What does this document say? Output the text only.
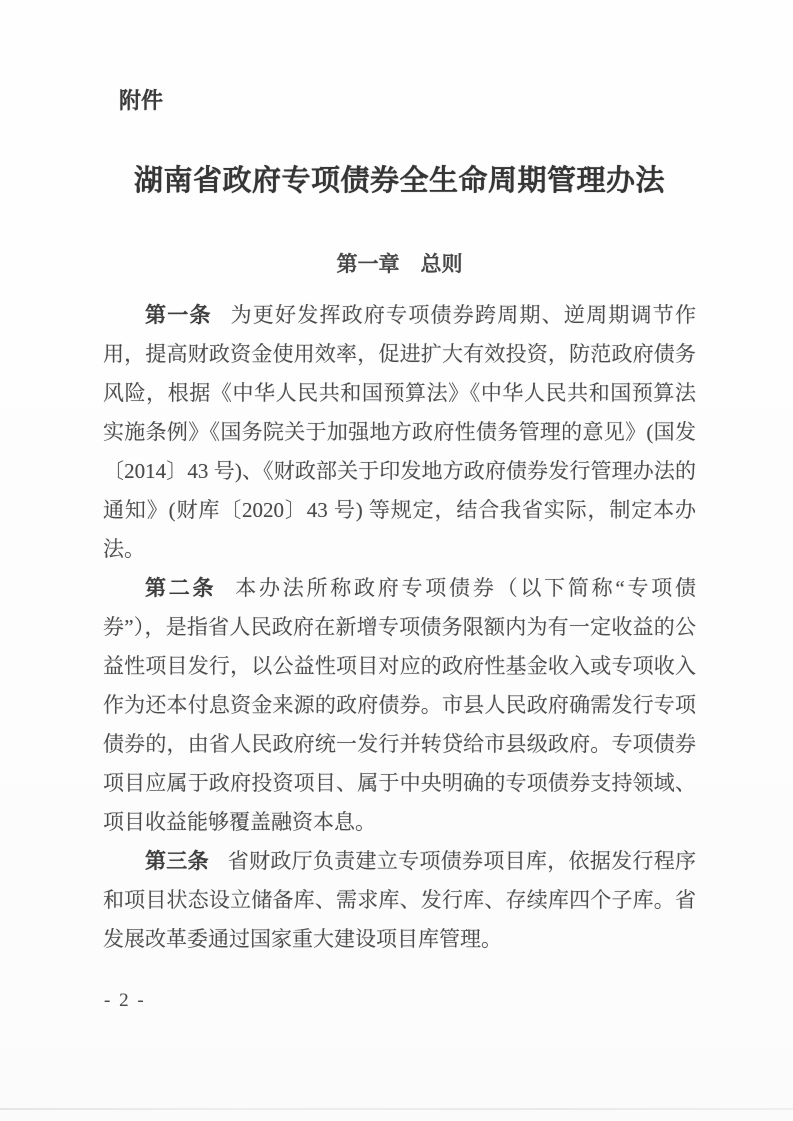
附件
湖南省政府专项债券全生命周期管理办法
第一章　总则

第一条 为更好发挥政府专项债券跨周期、逆周期调节作用，提高财政资金使用效率，促进扩大有效投资，防范政府债务风险，根据《中华人民共和国预算法》《中华人民共和国预算法实施条例》《国务院关于加强地方政府性债务管理的意见》(国发〔2014〕43 号)、《财政部关于印发地方政府债券发行管理办法的通知》(财库〔2020〕43 号) 等规定，结合我省实际，制定本办法。

第二条 本办法所称政府专项债券（以下简称“专项债券”），是指省人民政府在新增专项债务限额内为有一定收益的公益性项目发行，以公益性项目对应的政府性基金收入或专项收入作为还本付息资金来源的政府债券。市县人民政府确需发行专项债券的，由省人民政府统一发行并转贷给市县级政府。专项债券项目应属于政府投资项目、属于中央明确的专项债券支持领域、项目收益能够覆盖融资本息。

第三条 省财政厅负责建立专项债券项目库，依据发行程序和项目状态设立储备库、需求库、发行库、存续库四个子库。省发展改革委通过国家重大建设项目库管理。

- 2 -
